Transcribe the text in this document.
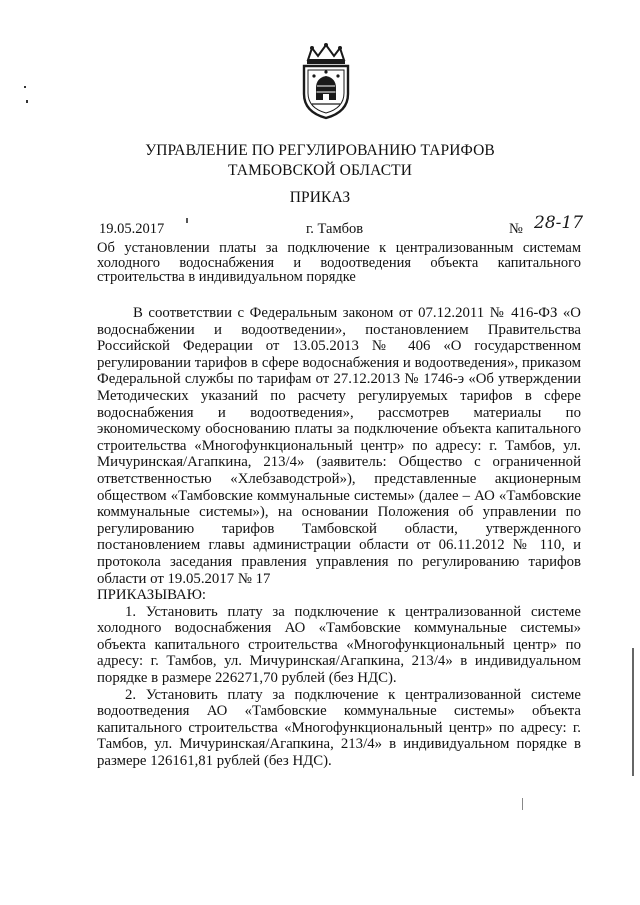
УПРАВЛЕНИЕ ПО РЕГУЛИРОВАНИЮ ТАРИФОВ
ТАМБОВСКОЙ ОБЛАСТИ
ПРИКАЗ
19.05.2017	г. Тамбов	№ 28-17
Об установлении платы за подключение к централизованным системам холодного водоснабжения и водоотведения объекта капитального строительства в индивидуальном порядке

В соответствии с Федеральным законом от 07.12.2011 № 416-ФЗ «О водоснабжении и водоотведении», постановлением Правительства Российской Федерации от 13.05.2013 № 406 «О государственном регулировании тарифов в сфере водоснабжения и водоотведения», приказом Федеральной службы по тарифам от 27.12.2013 № 1746-э «Об утверждении Методических указаний по расчету регулируемых тарифов в сфере водоснабжения и водоотведения», рассмотрев материалы по экономическому обоснованию платы за подключение объекта капитального строительства «Многофункциональный центр» по адресу: г. Тамбов, ул. Мичуринская/Агапкина, 213/4» (заявитель: Общество с ограниченной ответственностью «Хлебзаводстрой»), представленные акционерным обществом «Тамбовские коммунальные системы» (далее – АО «Тамбовские коммунальные системы»), на основании Положения об управлении по регулированию тарифов Тамбовской области, утвержденного постановлением главы администрации области от 06.11.2012 № 110, и протокола заседания правления управления по регулированию тарифов области от 19.05.2017 № 17

ПРИКАЗЫВАЮ:

1. Установить плату за подключение к централизованной системе холодного водоснабжения АО «Тамбовские коммунальные системы» объекта капитального строительства «Многофункциональный центр» по адресу: г. Тамбов, ул. Мичуринская/Агапкина, 213/4» в индивидуальном порядке в размере 226271,70 рублей (без НДС).

2. Установить плату за подключение к централизованной системе водоотведения АО «Тамбовские коммунальные системы» объекта капитального строительства «Многофункциональный центр» по адресу: г. Тамбов, ул. Мичуринская/Агапкина, 213/4» в индивидуальном порядке в размере 126161,81 рублей (без НДС).
